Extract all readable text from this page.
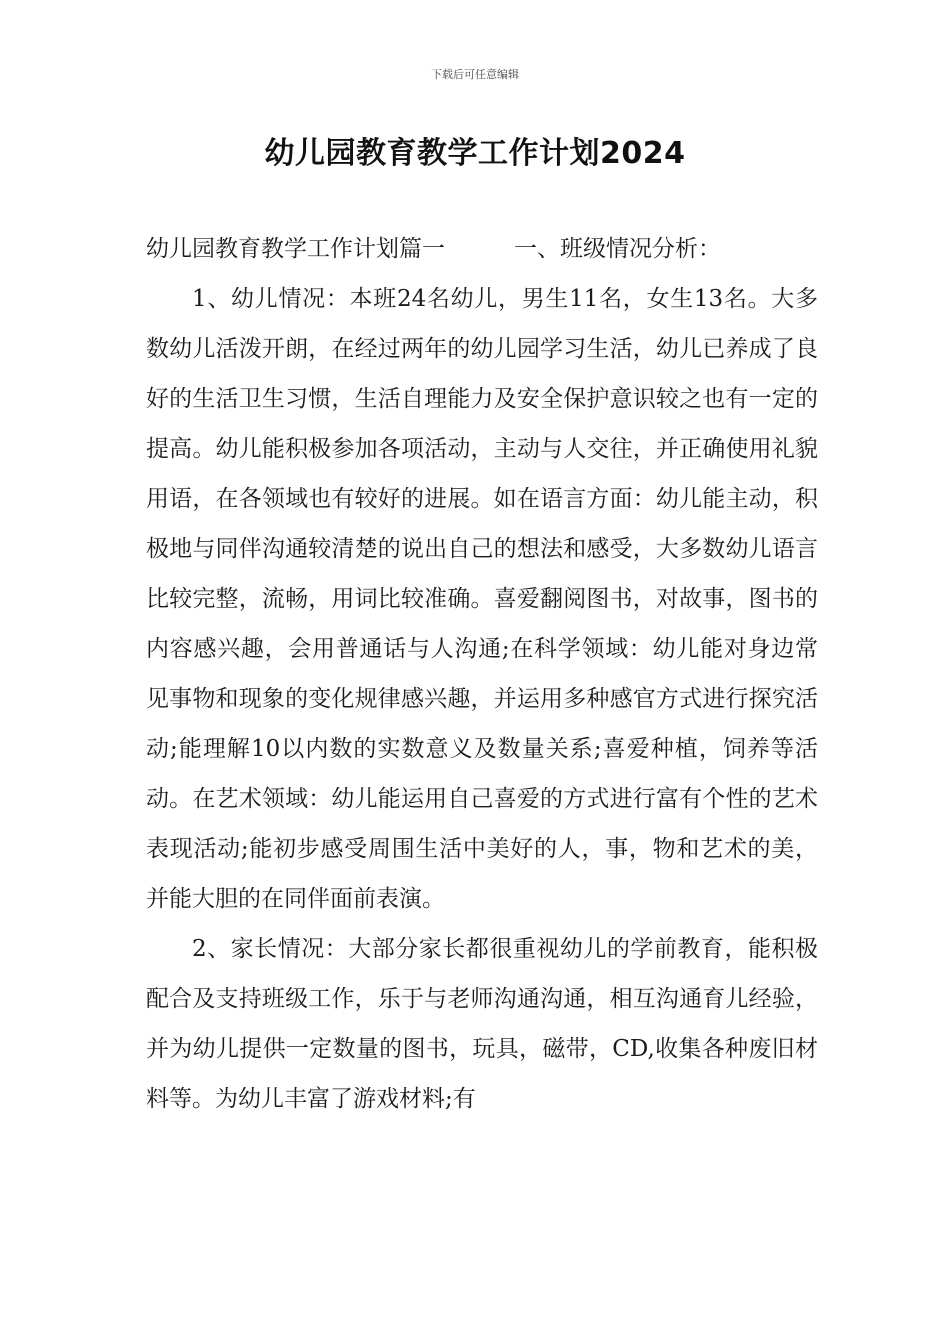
下载后可任意编辑
幼儿园教育教学工作计划2024

幼儿园教育教学工作计划篇一　　　一、班级情况分析：

1、幼儿情况：本班24名幼儿，男生11名，女生13名。大多数幼儿活泼开朗，在经过两年的幼儿园学习生活，幼儿已养成了良好的生活卫生习惯，生活自理能力及安全保护意识较之也有一定的提高。幼儿能积极参加各项活动，主动与人交往，并正确使用礼貌用语，在各领域也有较好的进展。如在语言方面：幼儿能主动，积极地与同伴沟通较清楚的说出自己的想法和感受，大多数幼儿语言比较完整，流畅，用词比较准确。喜爱翻阅图书，对故事，图书的内容感兴趣，会用普通话与人沟通;在科学领域：幼儿能对身边常见事物和现象的变化规律感兴趣，并运用多种感官方式进行探究活动;能理解10以内数的实数意义及数量关系;喜爱种植，饲养等活动。在艺术领域：幼儿能运用自己喜爱的方式进行富有个性的艺术表现活动;能初步感受周围生活中美好的人，事，物和艺术的美，并能大胆的在同伴面前表演。

2、家长情况：大部分家长都很重视幼儿的学前教育，能积极配合及支持班级工作，乐于与老师沟通沟通，相互沟通育儿经验，并为幼儿提供一定数量的图书，玩具，磁带，CD,收集各种废旧材料等。为幼儿丰富了游戏材料;有
